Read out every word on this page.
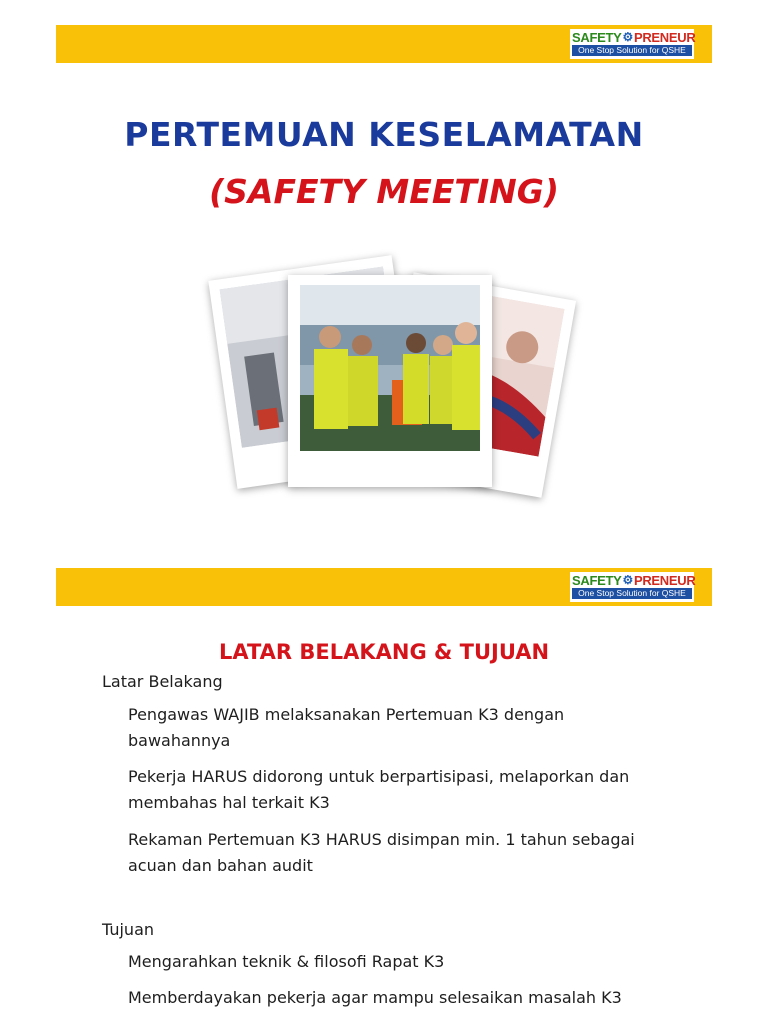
SAFETY ⚙ PRENEUR
One Stop Solution for QSHE
PERTEMUAN KESELAMATAN
(SAFETY MEETING)
SAFETY ⚙ PRENEUR
One Stop Solution for QSHE
LATAR BELAKANG & TUJUAN

Latar Belakang

Pengawas WAJIB melaksanakan Pertemuan K3 dengan

bawahannya

Pekerja HARUS didorong untuk berpartisipasi, melaporkan dan

membahas hal terkait K3

Rekaman Pertemuan K3 HARUS disimpan min. 1 tahun sebagai

acuan dan bahan audit

Tujuan

Mengarahkan teknik & filosofi Rapat K3

Memberdayakan pekerja agar mampu selesaikan masalah K3
